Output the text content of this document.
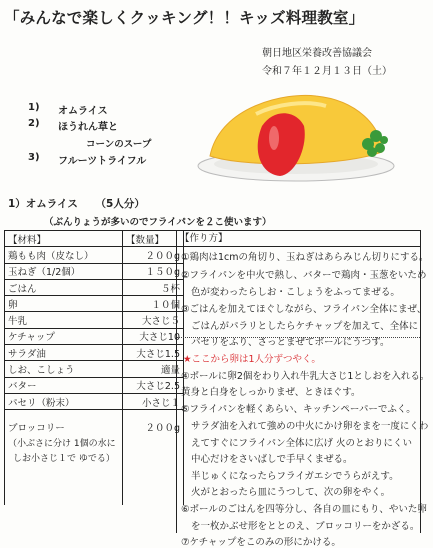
「みんなで楽しくクッキング！！キッズ料理教室」
朝日地区栄養改善協議会
令和７年１２月１３日（土）
1) オムライス
2) ほうれん草と
コーンのスープ
3) フルーツトライフル
1）オムライス （5人分）
（ぶんりょうが多いのでフライパンを２こ使います）
【材料】	【数量】
鶏もも肉（皮なし）	２００g
玉ねぎ（1/2個）	１５０g
ごはん	５杯
卵	１０個
牛乳	大さじ５
ケチャップ	大さじ10
サラダ油	大さじ1.5
しお、こしょう	適量
バター	大さじ2.5
パセリ（粉末）	小さじ１

ブロッコリー	２００g
（小ぶさに分け 1個の水に	
しお小さじ１で ゆでる）	

【作り方】
①鶏肉は1cmの角切り、玉ねぎはあらみじん切りにする。
②フライパンを中火で熱し、バターで鶏肉・玉葱をいため
色が変わったらしお・こしょうをふってまぜる。
③ごはんを加えてほぐしながら、フライパン全体にまぜ、
ごはんがパラリとしたらケチャップを加えて、全体に
パセリをふり、さっとまぜてボールにうつす。
★ここから卵は1人分ずつやく。
④ボールに卵2個をわり入れ牛乳大さじ1としおを入れる。
黄身と白身をしっかりまぜ、ときほぐす。
⑤フライパンを軽くあらい、キッチンペーパーでふく。
サラダ油を入れて強めの中火にかけ卵をまを一度にくわ
えてすぐにフライパン全体に広げ 火のとおりにくい
中心だけをさいばしで手早くまぜる。
半じゅくになったらフライガエシでうらがえす。
火がとおったら皿にうつして、次の卵をやく。
⑥ボールのごはんを四等分し、各自の皿にもり、やいた卵
を一枚かぶせ形をととのえ、ブロッコリーをかざる。
⑦ケチャップをこのみの形にかける。
